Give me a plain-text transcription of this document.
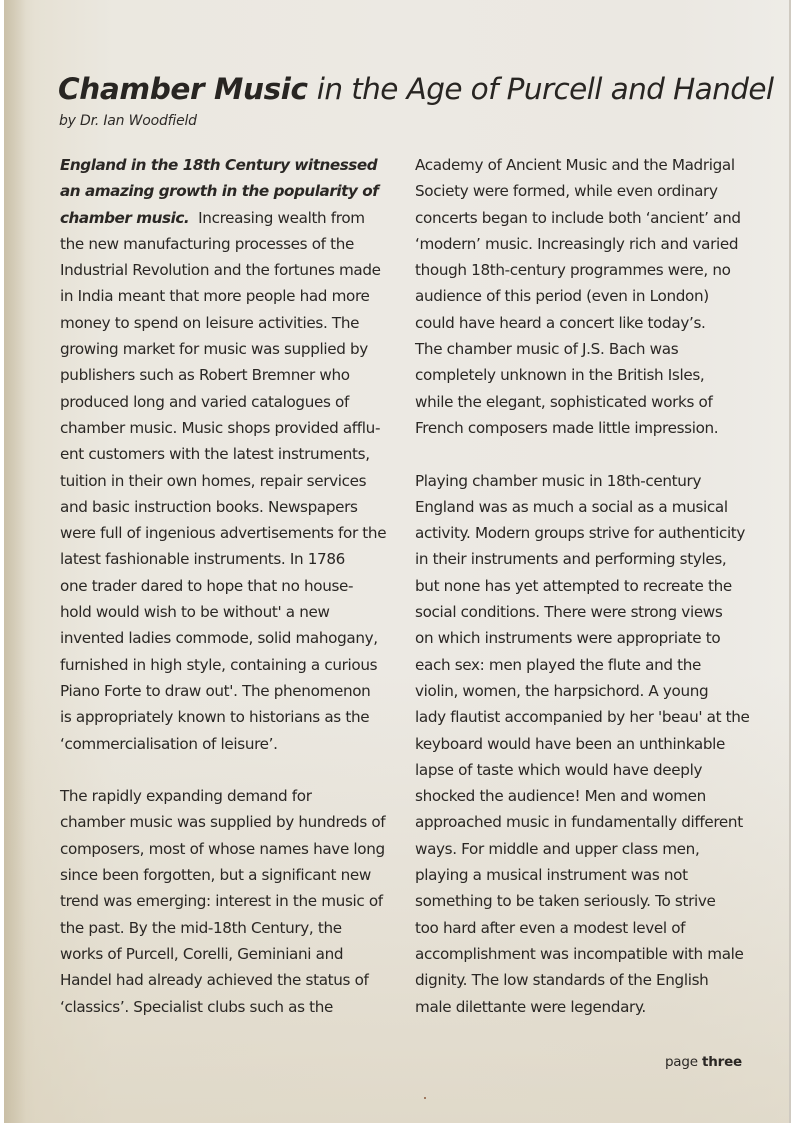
Chamber Music in the Age of Purcell and Handel
by Dr. Ian Woodfield
England in the 18th Century witnessed
an amazing growth in the popularity of
chamber music.  Increasing wealth from
the new manufacturing processes of the
Industrial Revolution and the fortunes made
in India meant that more people had more
money to spend on leisure activities. The
growing market for music was supplied by
publishers such as Robert Bremner who
produced long and varied catalogues of
chamber music. Music shops provided afflu-
ent customers with the latest instruments,
tuition in their own homes, repair services
and basic instruction books. Newspapers
were full of ingenious advertisements for the
latest fashionable instruments. In 1786
one trader dared to hope that no house-
hold would wish to be without' a new
invented ladies commode, solid mahogany,
furnished in high style, containing a curious
Piano Forte to draw out'. The phenomenon
is appropriately known to historians as the
‘commercialisation of leisure’.
The rapidly expanding demand for
chamber music was supplied by hundreds of
composers, most of whose names have long
since been forgotten, but a significant new
trend was emerging: interest in the music of
the past. By the mid-18th Century, the
works of Purcell, Corelli, Geminiani and
Handel had already achieved the status of
‘classics’. Specialist clubs such as the
Academy of Ancient Music and the Madrigal
Society were formed, while even ordinary
concerts began to include both ‘ancient’ and
‘modern’ music. Increasingly rich and varied
though 18th-century programmes were, no
audience of this period (even in London)
could have heard a concert like today’s.
The chamber music of J.S. Bach was
completely unknown in the British Isles,
while the elegant, sophisticated works of
French composers made little impression.
Playing chamber music in 18th-century
England was as much a social as a musical
activity. Modern groups strive for authenticity
in their instruments and performing styles,
but none has yet attempted to recreate the
social conditions. There were strong views
on which instruments were appropriate to
each sex: men played the flute and the
violin, women, the harpsichord. A young
lady flautist accompanied by her 'beau' at the
keyboard would have been an unthinkable
lapse of taste which would have deeply
shocked the audience! Men and women
approached music in fundamentally different
ways. For middle and upper class men,
playing a musical instrument was not
something to be taken seriously. To strive
too hard after even a modest level of
accomplishment was incompatible with male
dignity. The low standards of the English
male dilettante were legendary.
page three
